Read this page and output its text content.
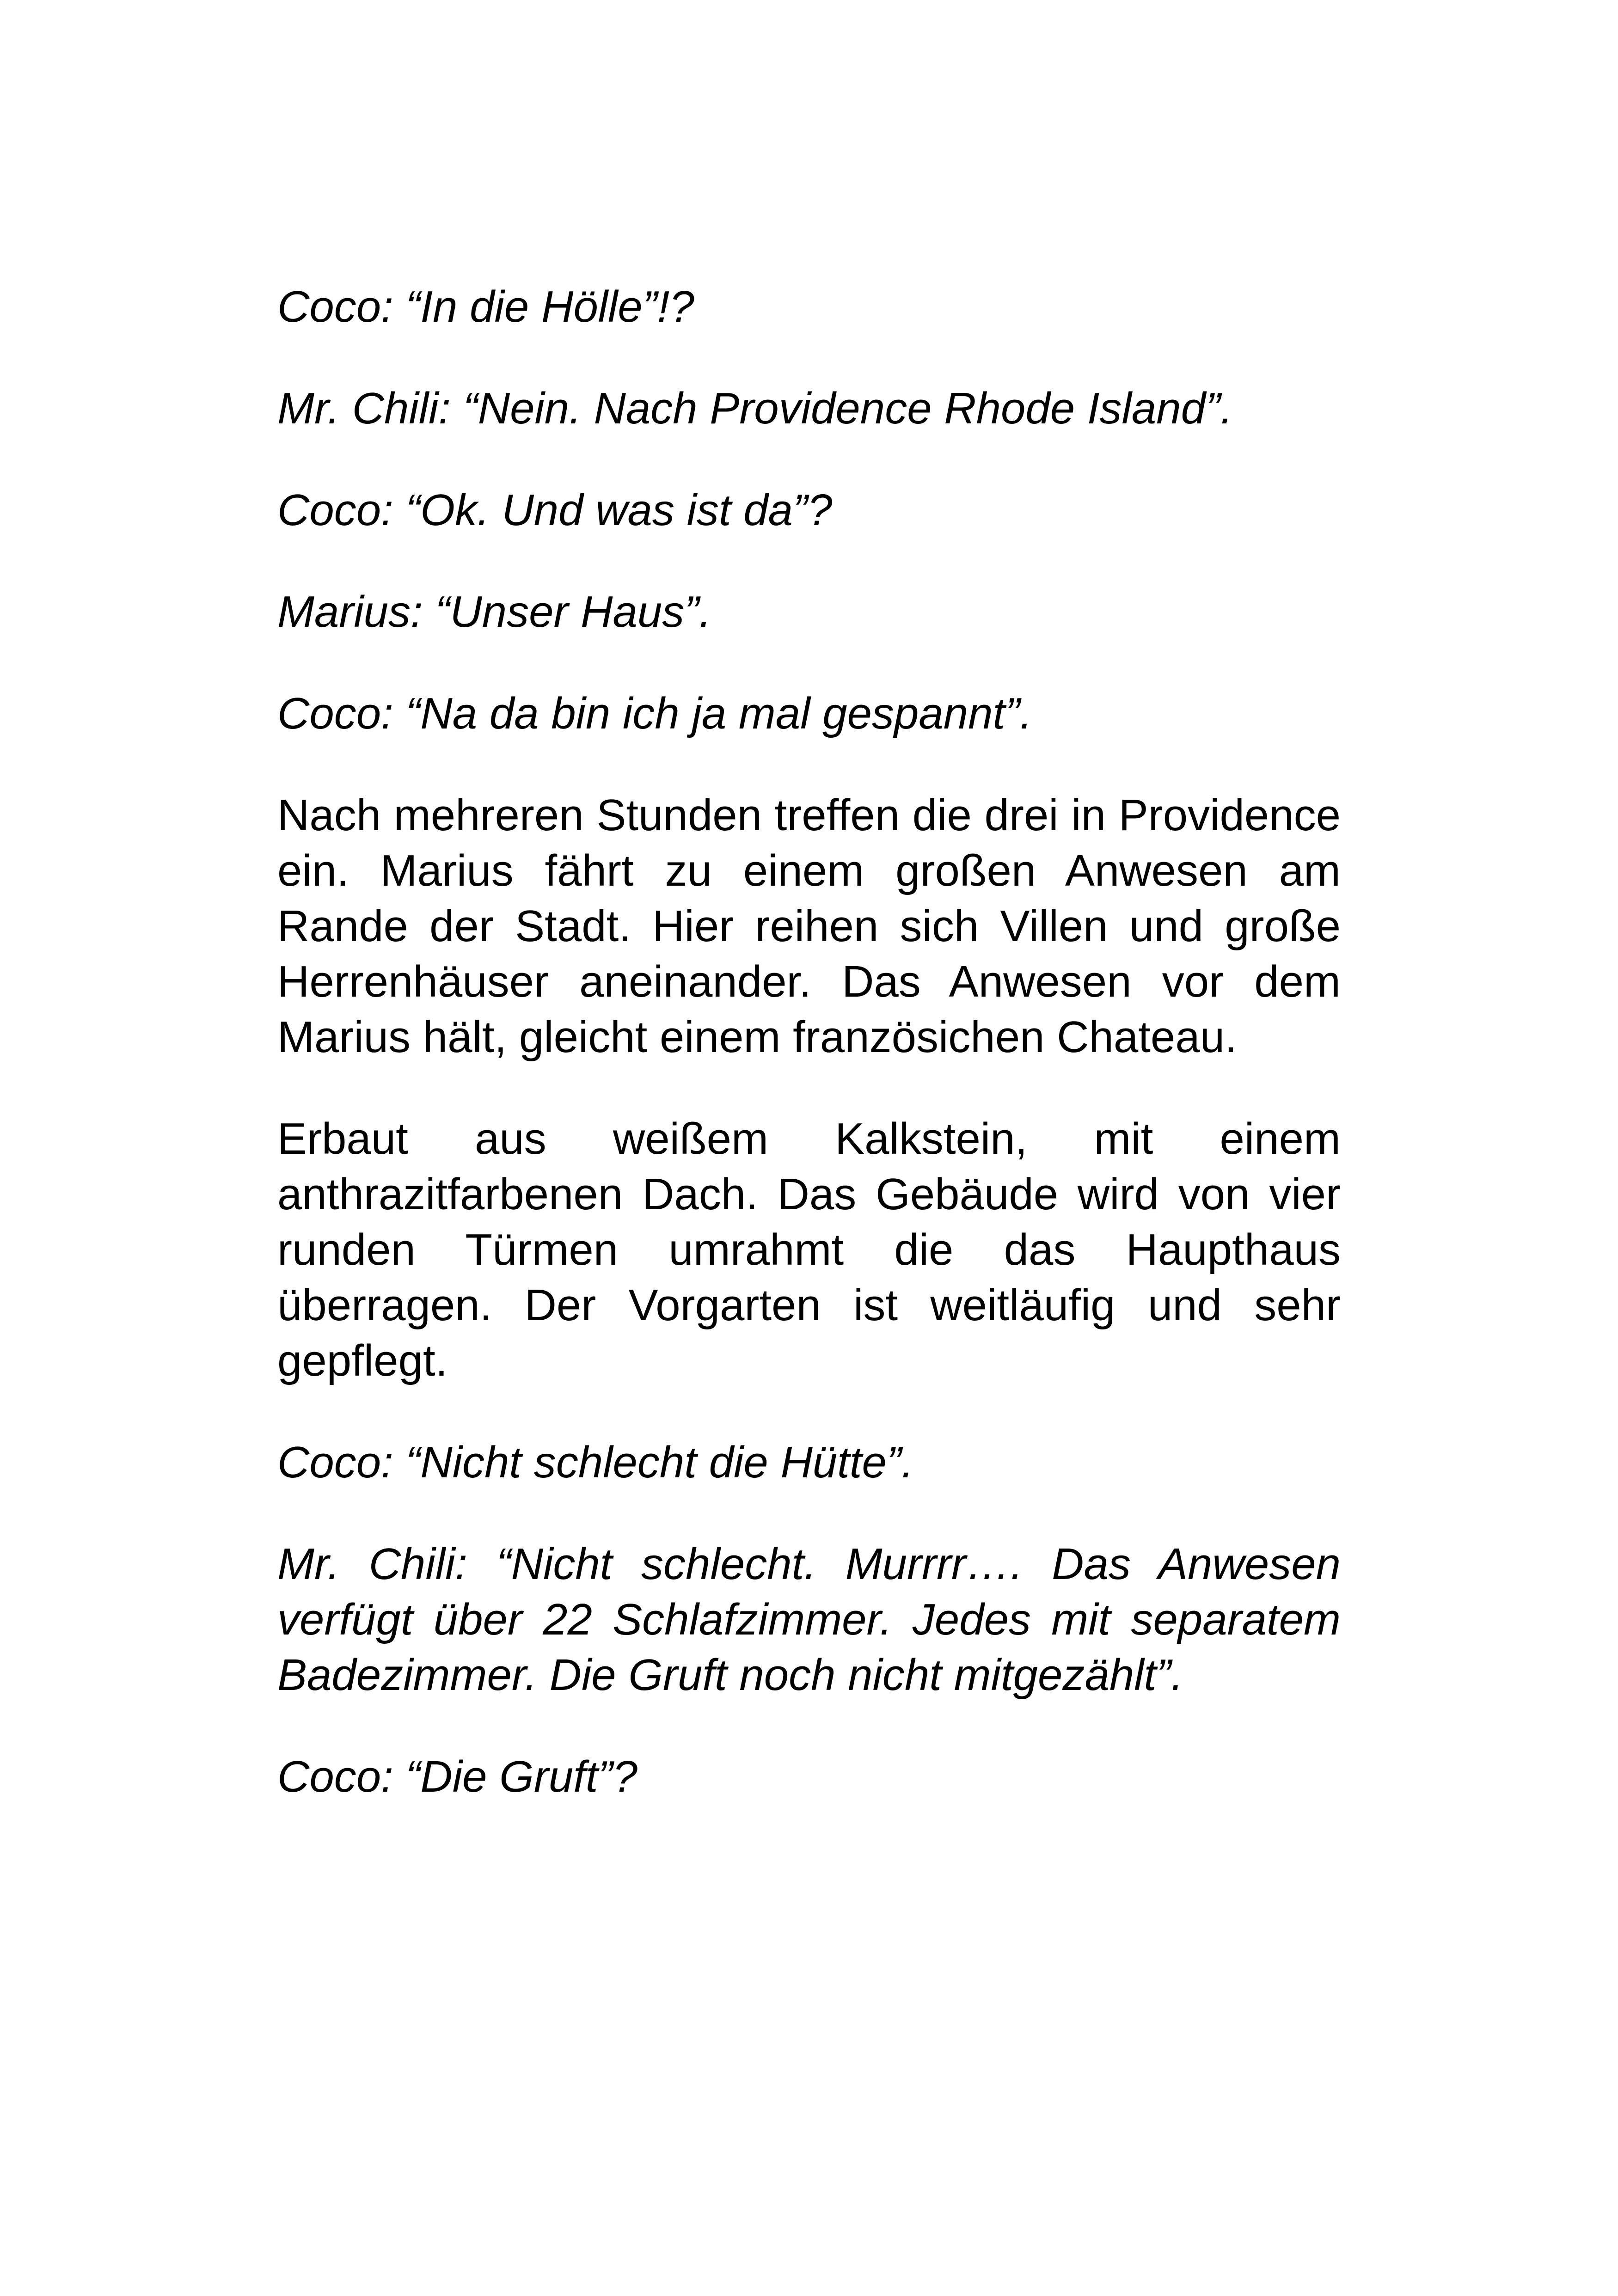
Coco: “In die Hölle”!?

Mr. Chili: “Nein. Nach Providence Rhode Island”.

Coco: “Ok. Und was ist da”?

Marius: “Unser Haus”.

Coco: “Na da bin ich ja mal gespannt”.

Nach mehreren Stunden treffen die drei in Providence ein. Marius fährt zu einem großen Anwesen am Rande der Stadt. Hier reihen sich Villen und große Herrenhäuser aneinander. Das Anwesen vor dem Marius hält, gleicht einem französichen Chateau.

Erbaut aus weißem Kalkstein, mit einem anthrazitfarbenen Dach. Das Gebäude wird von vier runden Türmen umrahmt die das Haupthaus überragen. Der Vorgarten ist weitläufig und sehr gepflegt.

Coco: “Nicht schlecht die Hütte”.

Mr. Chili: “Nicht schlecht. Murrrr…. Das Anwesen verfügt über 22 Schlafzimmer. Jedes mit separatem Badezimmer. Die Gruft noch nicht mitgezählt”.

Coco: “Die Gruft”?
